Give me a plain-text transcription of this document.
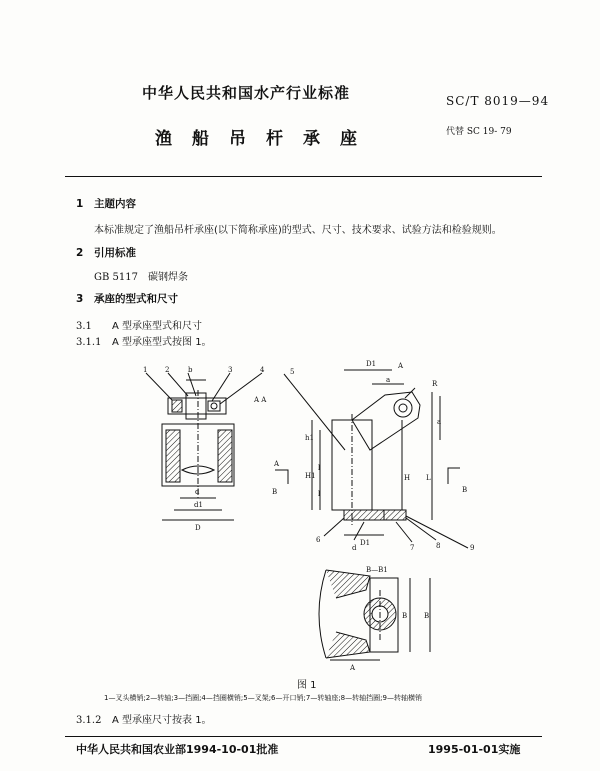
中华人民共和国水产行业标准	SC/T 8019—94
渔船吊杆承座	代替 SC 19- 79
1 主题内容
本标准规定了渔船吊杆承座(以下简称承座)的型式、尺寸、技术要求、试验方法和检验规则。
2 引用标准
GB 5117 碳钢焊条
3 承座的型式和尺寸
3.1 A 型承座型式和尺寸
3.1.1 A 型承座型式按图 1。
1	2	b	3	4
A A
d
d1
D
D1	A
a	R
a
5
h1
H1
l
l
H L
A
B	B
D1
6
d	7	8	9
B—B1
B B
A
图 1
1—叉头横销;2—转轴;3—挡圈;4—挡圈横销;5—叉架;6—开口销;7—转轴座;8—转轴挡圈;9—转轴横销
3.1.2 A 型承座尺寸按表 1。
中华人民共和国农业部1994-10-01批准	1995-01-01实施
